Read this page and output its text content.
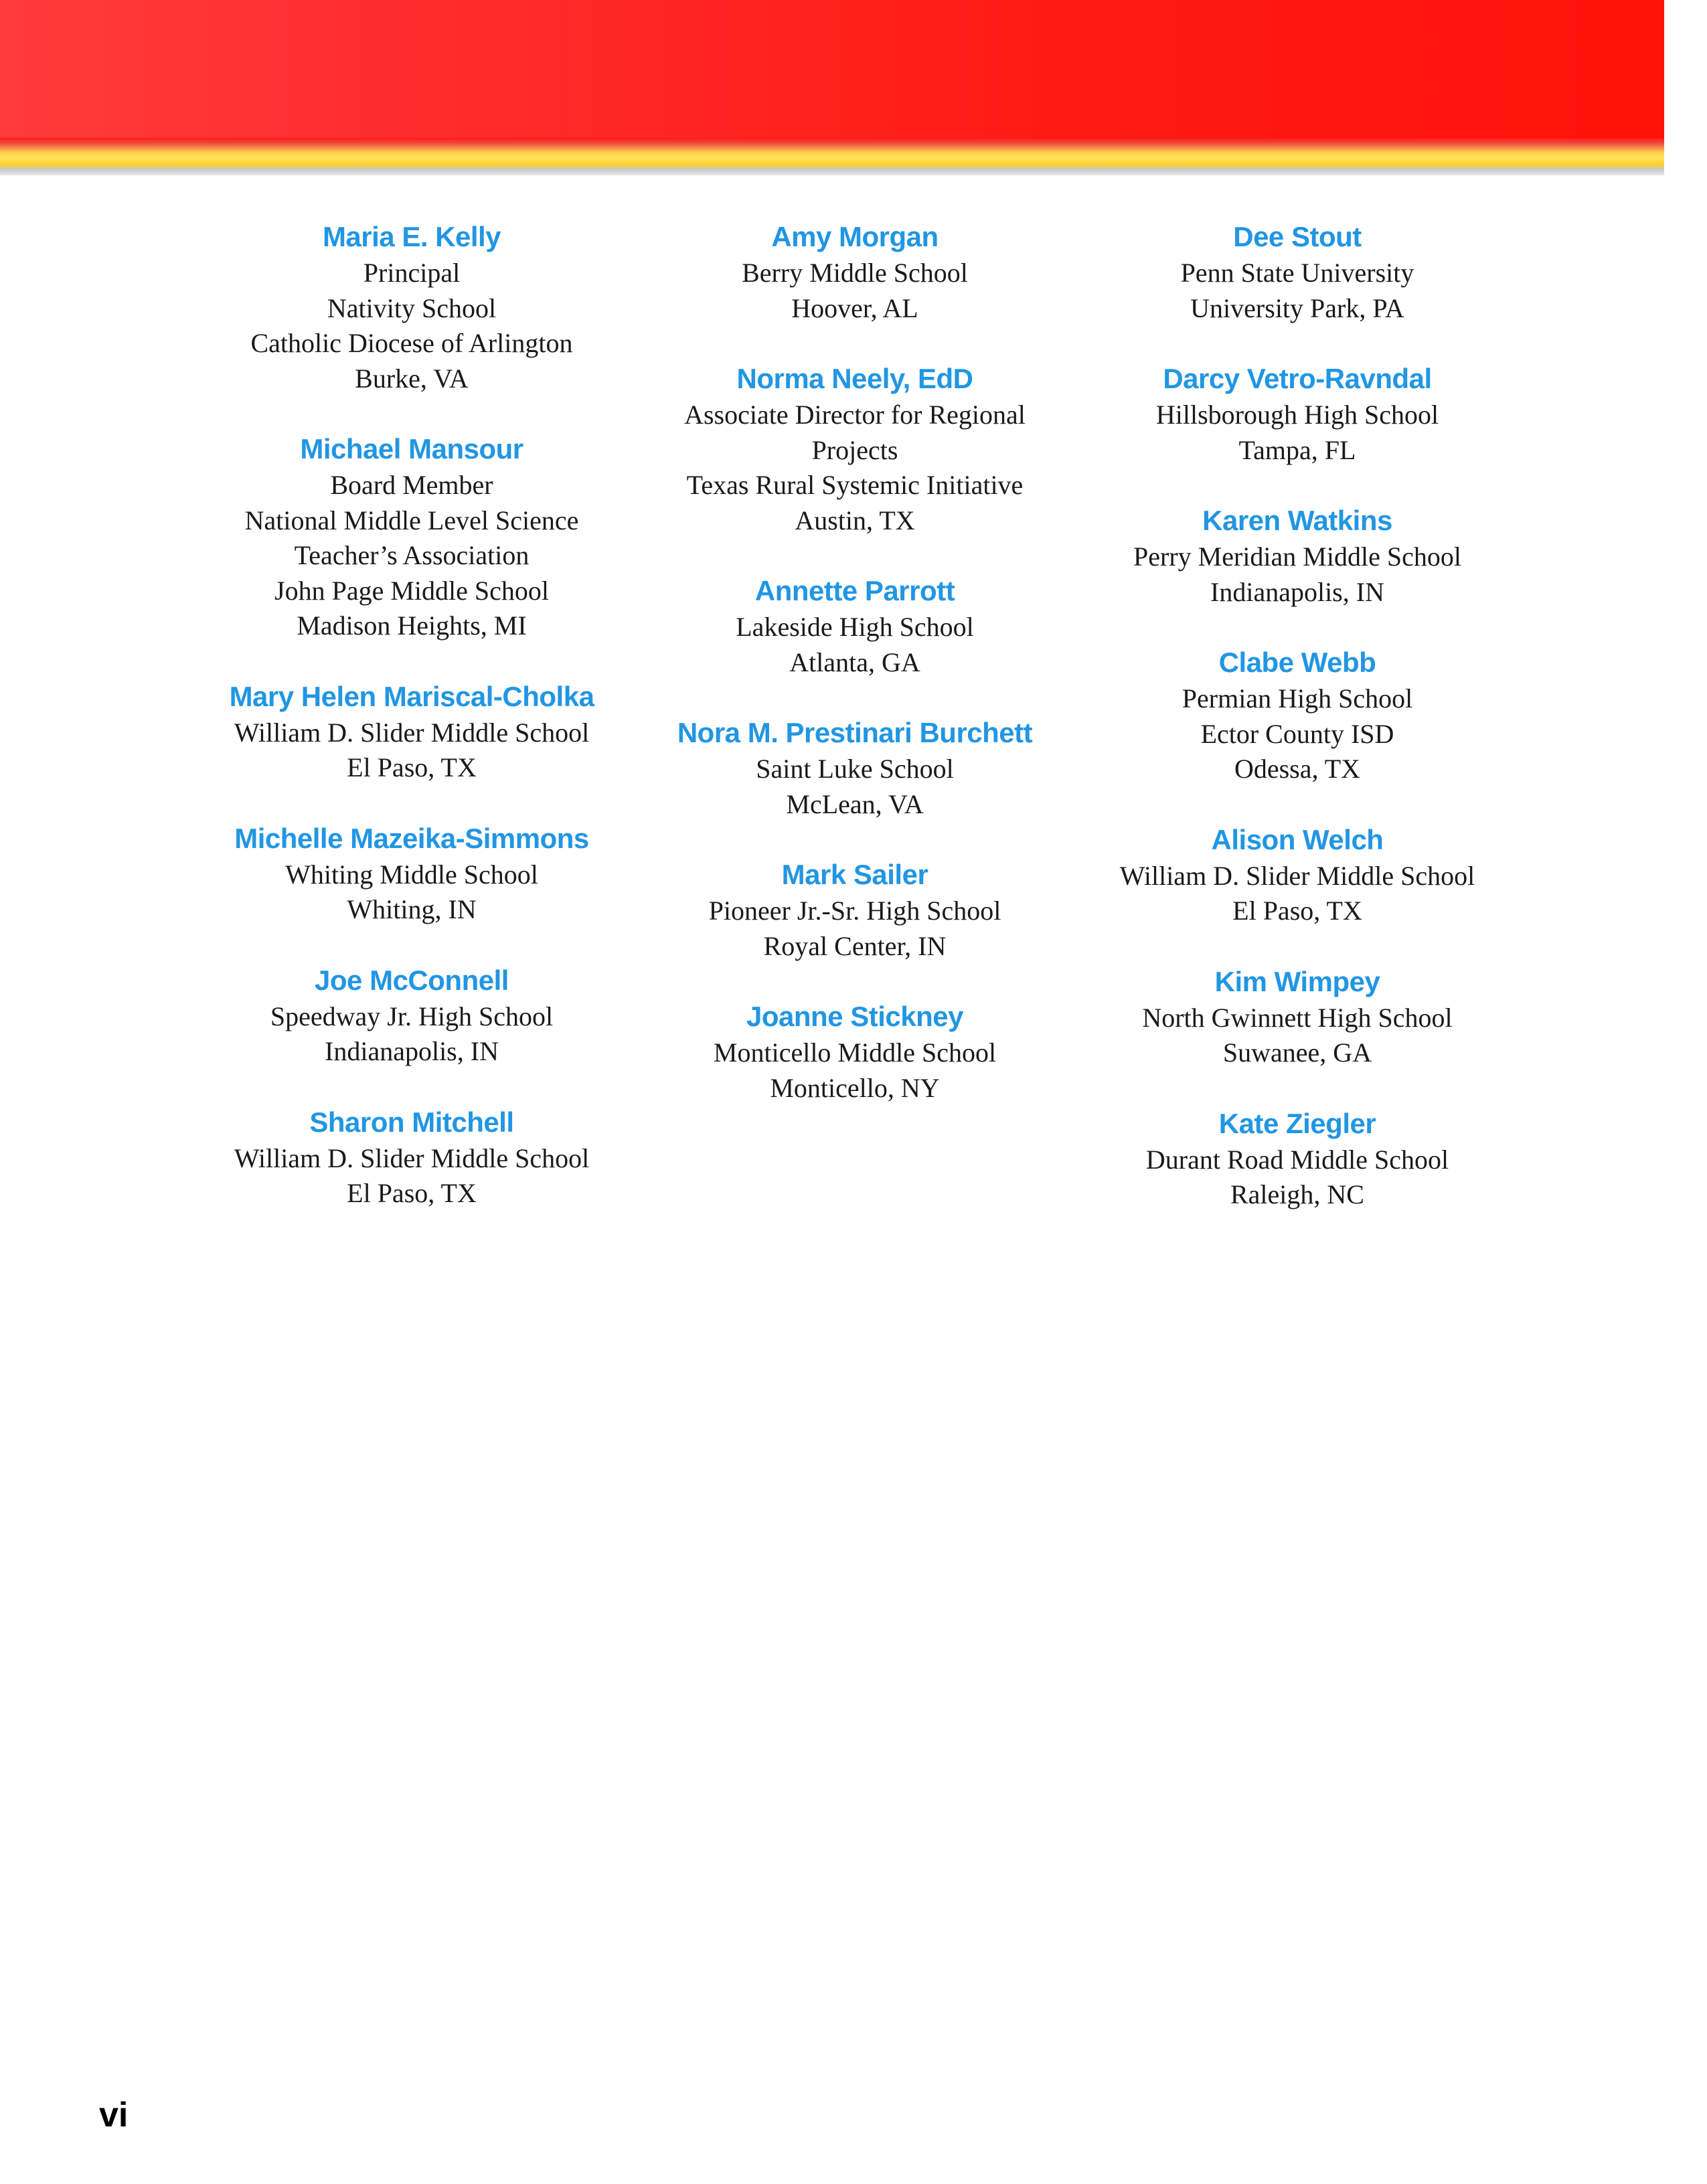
Maria E. Kelly
Principal
Nativity School
Catholic Diocese of Arlington
Burke, VA
Michael Mansour
Board Member
National Middle Level Science
Teacher’s Association
John Page Middle School
Madison Heights, MI
Mary Helen Mariscal-Cholka
William D. Slider Middle School
El Paso, TX
Michelle Mazeika-Simmons
Whiting Middle School
Whiting, IN
Joe McConnell
Speedway Jr. High School
Indianapolis, IN
Sharon Mitchell
William D. Slider Middle School
El Paso, TX
Amy Morgan
Berry Middle School
Hoover, AL
Norma Neely, EdD
Associate Director for Regional
Projects
Texas Rural Systemic Initiative
Austin, TX
Annette Parrott
Lakeside High School
Atlanta, GA
Nora M. Prestinari Burchett
Saint Luke School
McLean, VA
Mark Sailer
Pioneer Jr.-Sr. High School
Royal Center, IN
Joanne Stickney
Monticello Middle School
Monticello, NY
Dee Stout
Penn State University
University Park, PA
Darcy Vetro-Ravndal
Hillsborough High School
Tampa, FL
Karen Watkins
Perry Meridian Middle School
Indianapolis, IN
Clabe Webb
Permian High School
Ector County ISD
Odessa, TX
Alison Welch
William D. Slider Middle School
El Paso, TX
Kim Wimpey
North Gwinnett High School
Suwanee, GA
Kate Ziegler
Durant Road Middle School
Raleigh, NC
vi
